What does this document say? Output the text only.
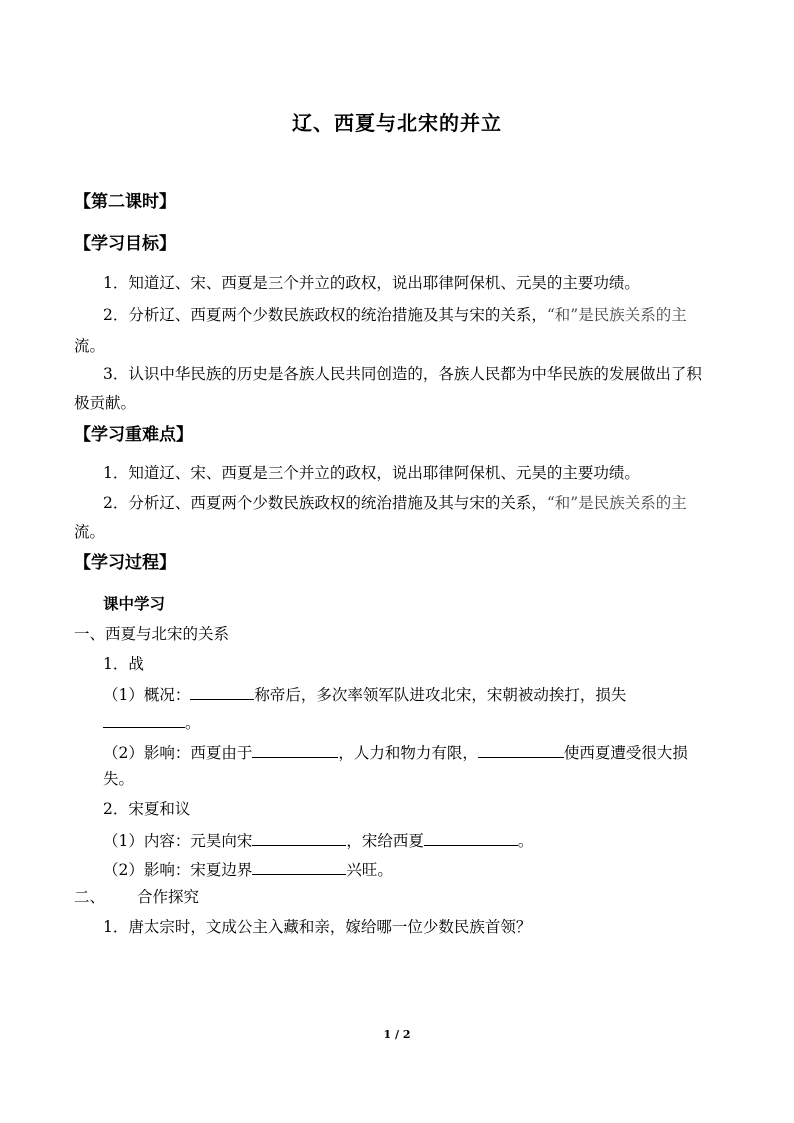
辽、西夏与北宋的并立
【第二课时】
【学习目标】
1．知道辽、宋、西夏是三个并立的政权，说出耶律阿保机、元昊的主要功绩。
2．分析辽、西夏两个少数民族政权的统治措施及其与宋的关系，“和”是民族关系的主
流。
3．认识中华民族的历史是各族人民共同创造的，各族人民都为中华民族的发展做出了积
极贡献。
【学习重难点】
1．知道辽、宋、西夏是三个并立的政权，说出耶律阿保机、元昊的主要功绩。
2．分析辽、西夏两个少数民族政权的统治措施及其与宋的关系，“和”是民族关系的主
流。
【学习过程】
课中学习
一、西夏与北宋的关系
1．战
（1）概况：	称帝后，多次率领军队进攻北宋，宋朝被动挨打，损失
。
（2）影响：西夏由于	，人力和物力有限，	使西夏遭受很大损
失。
2．宋夏和议
（1）内容：元昊向宋	，宋给西夏	。
（2）影响：宋夏边界	兴旺。
二、 合作探究
1．唐太宗时，文成公主入藏和亲，嫁给哪一位少数民族首领？
1 / 2
